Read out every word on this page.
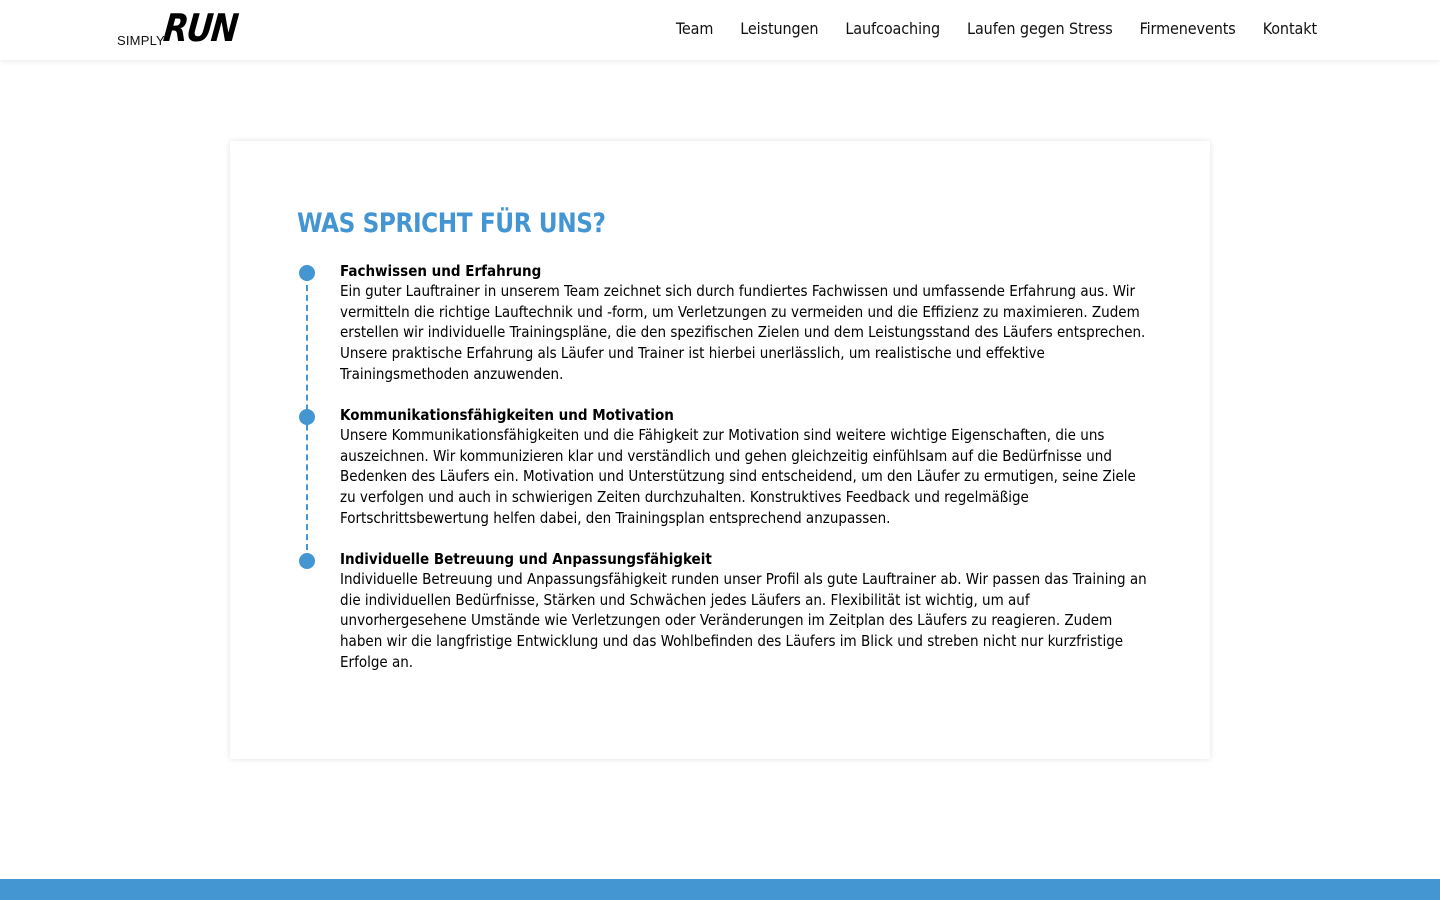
SIMPLY
RUN	Team Leistungen Laufcoaching Laufen gegen Stress Firmenevents Kontakt
WAS SPRICHT FÜR UNS?
Fachwissen und Erfahrung

Ein guter Lauftrainer in unserem Team zeichnet sich durch fundiertes Fachwissen und umfassende Erfahrung aus. Wir vermitteln die richtige Lauftechnik und -form, um Verletzungen zu vermeiden und die Effizienz zu maximieren. Zudem erstellen wir individuelle Trainingspläne, die den spezifischen Zielen und dem Leistungsstand des Läufers entsprechen. Unsere praktische Erfahrung als Läufer und Trainer ist hierbei unerlässlich, um realistische und effektive Trainingsmethoden anzuwenden.

Kommunikationsfähigkeiten und Motivation

Unsere Kommunikationsfähigkeiten und die Fähigkeit zur Motivation sind weitere wichtige Eigenschaften, die uns auszeichnen. Wir kommunizieren klar und verständlich und gehen gleichzeitig einfühlsam auf die Bedürfnisse und Bedenken des Läufers ein. Motivation und Unterstützung sind entscheidend, um den Läufer zu ermutigen, seine Ziele zu verfolgen und auch in schwierigen Zeiten durchzuhalten. Konstruktives Feedback und regelmäßige Fortschrittsbewertung helfen dabei, den Trainingsplan entsprechend anzupassen.

Individuelle Betreuung und Anpassungsfähigkeit

Individuelle Betreuung und Anpassungsfähigkeit runden unser Profil als gute Lauftrainer ab. Wir passen das Training an die individuellen Bedürfnisse, Stärken und Schwächen jedes Läufers an. Flexibilität ist wichtig, um auf unvorhergesehene Umstände wie Verletzungen oder Veränderungen im Zeitplan des Läufers zu reagieren. Zudem haben wir die langfristige Entwicklung und das Wohlbefinden des Läufers im Blick und streben nicht nur kurzfristige Erfolge an.
